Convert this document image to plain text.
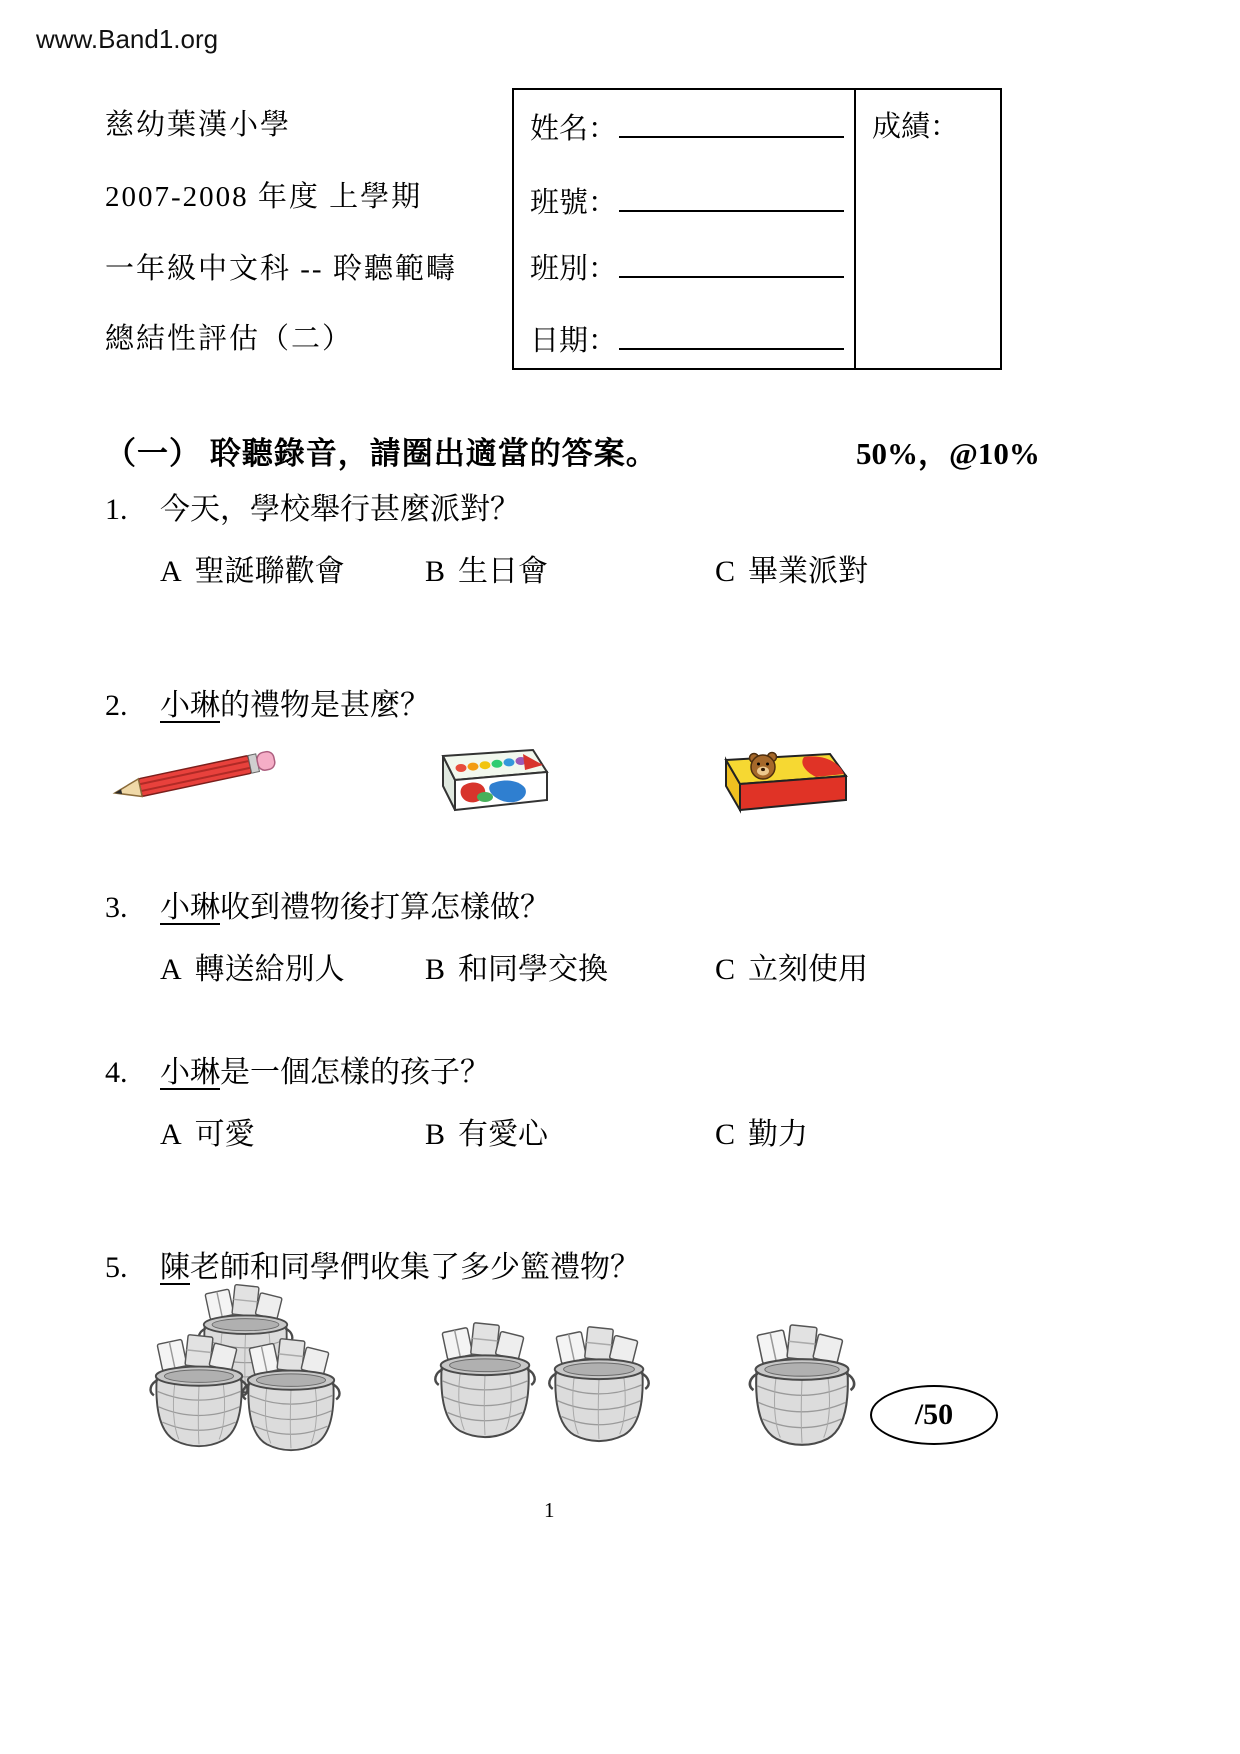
www.Band1.org
慈幼葉漢小學
2007-2008 年度 上學期
一年級中文科 -- 聆聽範疇
總結性評估（二）
姓名：
班號：
班別：
日期：
成績：
（一） 聆聽錄音，請圈出適當的答案。	50%，@10%
1. 今天，學校舉行甚麼派對？
A 聖誕聯歡會	B 生日會	C 畢業派對
2. 小琳的禮物是甚麼？
3. 小琳收到禮物後打算怎樣做？
A 轉送給別人	B 和同學交換	C 立刻使用
4. 小琳是一個怎樣的孩子？
A 可愛	B 有愛心	C 勤力
5. 陳老師和同學們收集了多少籃禮物？
/50
1
